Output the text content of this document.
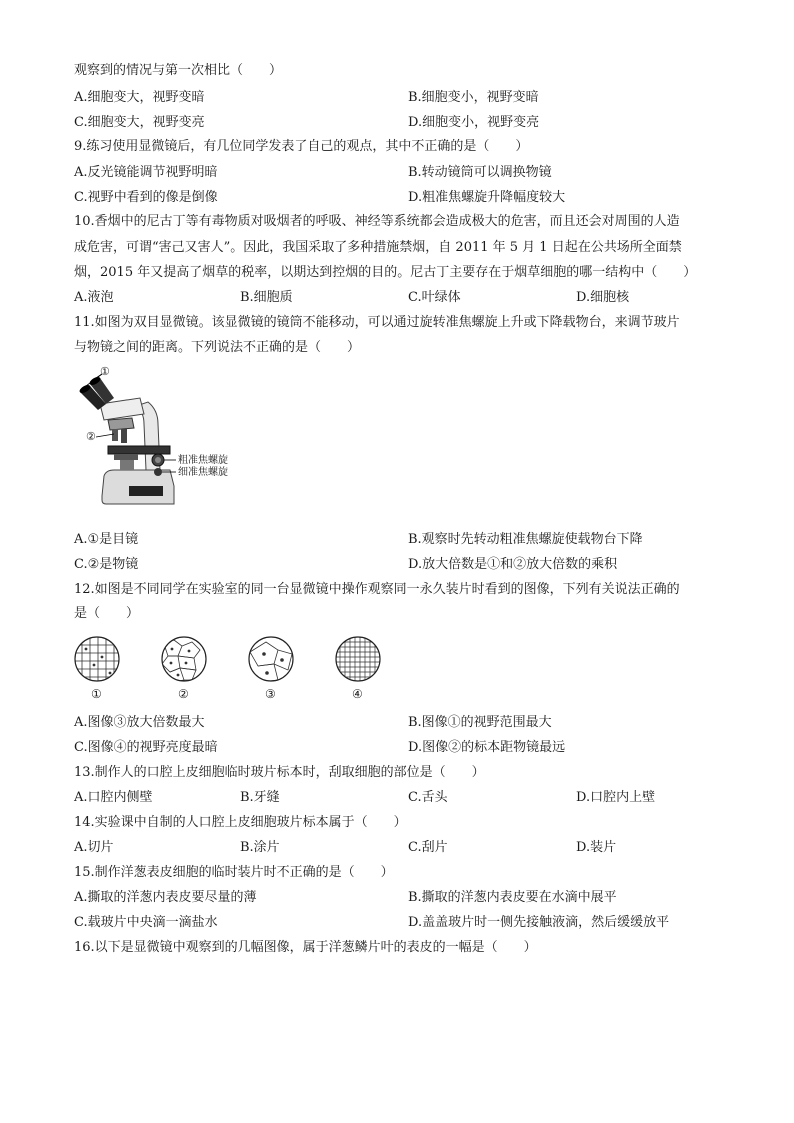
观察到的情况与第一次相比（　　）
A.细胞变大，视野变暗	B.细胞变小，视野变暗
C.细胞变大，视野变亮	D.细胞变小，视野变亮
9.练习使用显微镜后，有几位同学发表了自己的观点，其中不正确的是（　　）
A.反光镜能调节视野明暗	B.转动镜筒可以调换物镜
C.视野中看到的像是倒像	D.粗准焦螺旋升降幅度较大
10.香烟中的尼古丁等有毒物质对吸烟者的呼吸、神经等系统都会造成极大的危害，而且还会对周围的人造
成危害，可谓“害己又害人”。因此，我国采取了多种措施禁烟，自 2011 年 5 月 1 日起在公共场所全面禁
烟，2015 年又提高了烟草的税率，以期达到控烟的目的。尼古丁主要存在于烟草细胞的哪一结构中（　　）
A.液泡	B.细胞质	C.叶绿体	D.细胞核
11.如图为双目显微镜。该显微镜的镜筒不能移动，可以通过旋转准焦螺旋上升或下降载物台，来调节玻片
与物镜之间的距离。下列说法不正确的是（　　）
①
②
粗准焦螺旋
细准焦螺旋
A.①是目镜	B.观察时先转动粗准焦螺旋使载物台下降
C.②是物镜	D.放大倍数是①和②放大倍数的乘积
12.如图是不同同学在实验室的同一台显微镜中操作观察同一永久装片时看到的图像，下列有关说法正确的
是（　　）
①	②	③	④
A.图像③放大倍数最大	B.图像①的视野范围最大
C.图像④的视野亮度最暗	D.图像②的标本距物镜最远
13.制作人的口腔上皮细胞临时玻片标本时，刮取细胞的部位是（　　）
A.口腔内侧壁	B.牙缝	C.舌头	D.口腔内上壁
14.实验课中自制的人口腔上皮细胞玻片标本属于（　　）
A.切片	B.涂片	C.刮片	D.装片
15.制作洋葱表皮细胞的临时装片时不正确的是（　　）
A.撕取的洋葱内表皮要尽量的薄	B.撕取的洋葱内表皮要在水滴中展平
C.载玻片中央滴一滴盐水	D.盖盖玻片时一侧先接触液滴，然后缓缓放平
16.以下是显微镜中观察到的几幅图像，属于洋葱鳞片叶的表皮的一幅是（　　）
